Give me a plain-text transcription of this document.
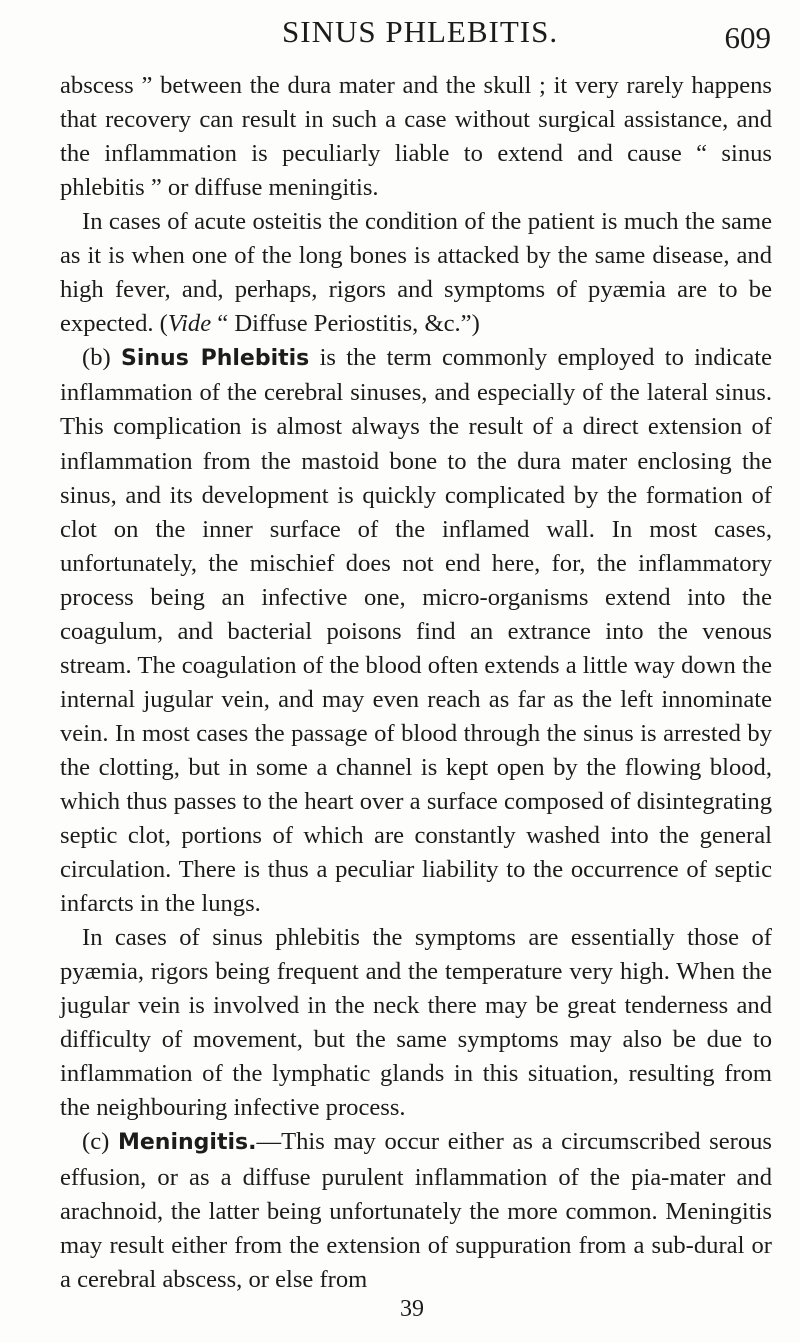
SINUS PHLEBITIS.	609

abscess ” between the dura mater and the skull ; it very rarely happens that recovery can result in such a case without surgical assistance, and the inflammation is peculiarly liable to extend and cause “ sinus phlebitis ” or diffuse meningitis.

In cases of acute osteitis the condition of the patient is much the same as it is when one of the long bones is attacked by the same disease, and high fever, and, perhaps, rigors and symptoms of pyæmia are to be expected. (Vide “ Diffuse Periostitis, &c.”)

(b) Sinus Phlebitis is the term commonly employed to indicate inflammation of the cerebral sinuses, and especially of the lateral sinus. This complication is almost always the result of a direct extension of inflammation from the mastoid bone to the dura mater enclosing the sinus, and its development is quickly complicated by the formation of clot on the inner surface of the inflamed wall. In most cases, unfortunately, the mischief does not end here, for, the inflammatory process being an infective one, micro-organisms extend into the coagulum, and bacterial poisons find an extrance into the venous stream. The coagulation of the blood often extends a little way down the internal jugular vein, and may even reach as far as the left innominate vein. In most cases the passage of blood through the sinus is arrested by the clotting, but in some a channel is kept open by the flowing blood, which thus passes to the heart over a surface composed of disintegrating septic clot, portions of which are constantly washed into the general circulation. There is thus a peculiar liability to the occurrence of septic infarcts in the lungs.

In cases of sinus phlebitis the symptoms are essentially those of pyæmia, rigors being frequent and the temperature very high. When the jugular vein is involved in the neck there may be great tenderness and difficulty of movement, but the same symptoms may also be due to inflammation of the lymphatic glands in this situation, resulting from the neighbouring infective process.

(c) Meningitis.—This may occur either as a circumscribed serous effusion, or as a diffuse purulent inflammation of the pia-mater and arachnoid, the latter being unfortunately the more common. Meningitis may result either from the extension of suppuration from a sub-dural or a cerebral abscess, or else from

39
